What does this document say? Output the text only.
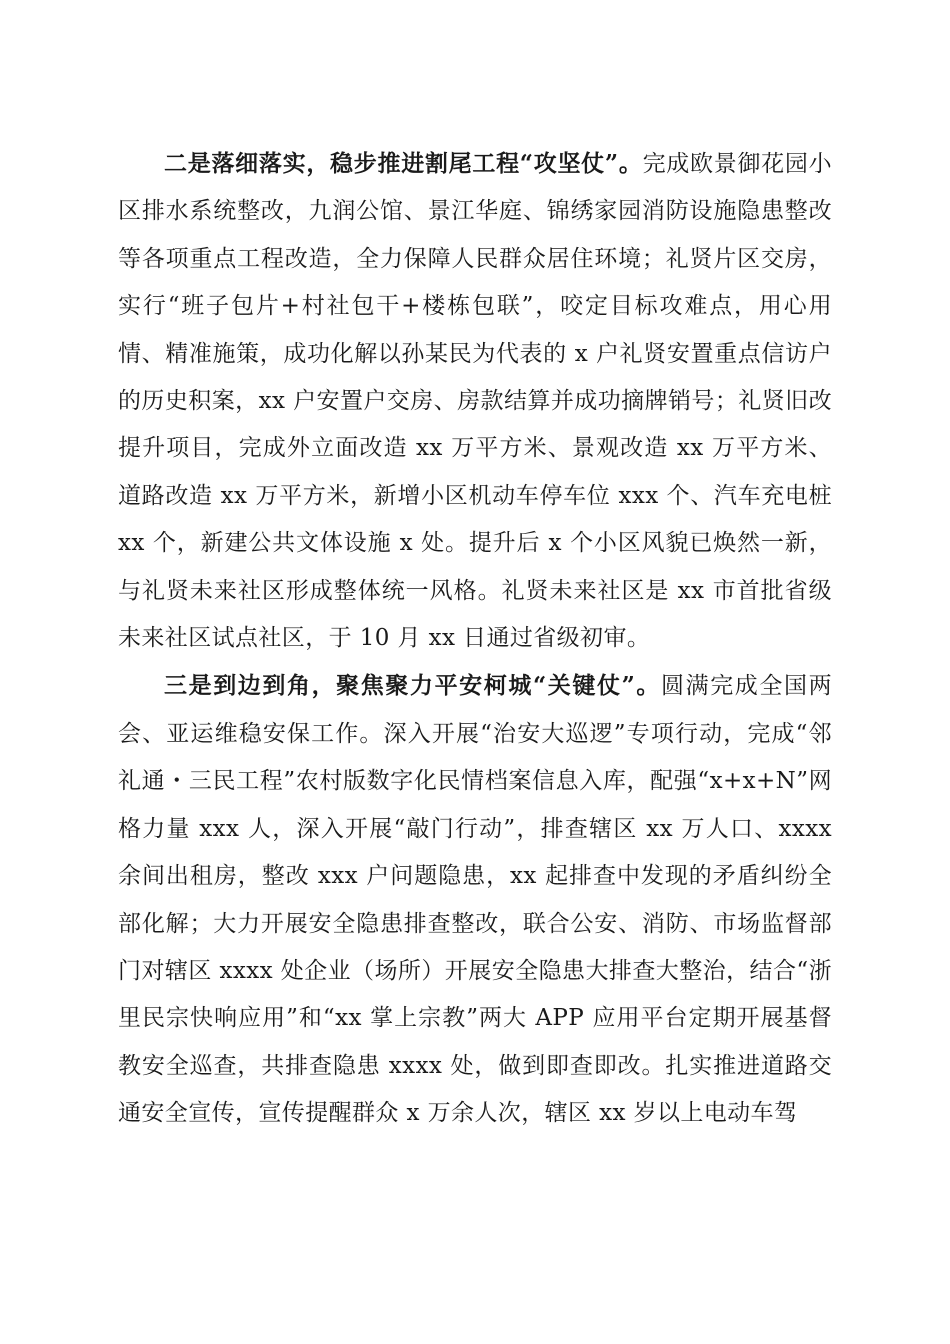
二是落细落实，稳步推进割尾工程“攻坚仗”。完成欧景御花园小区排水系统整改，九润公馆、景江华庭、锦绣家园消防设施隐患整改等各项重点工程改造，全力保障人民群众居住环境；礼贤片区交房，实行“班子包片+村社包干+楼栋包联”，咬定目标攻难点，用心用情、精准施策，成功化解以孙某民为代表的 x 户礼贤安置重点信访户的历史积案，xx 户安置户交房、房款结算并成功摘牌销号；礼贤旧改提升项目，完成外立面改造 xx 万平方米、景观改造 xx 万平方米、道路改造 xx 万平方米，新增小区机动车停车位 xxx 个、汽车充电桩 xx 个，新建公共文体设施 x 处。提升后 x 个小区风貌已焕然一新，与礼贤未来社区形成整体统一风格。礼贤未来社区是 xx 市首批省级未来社区试点社区，于 10 月 xx 日通过省级初审。

三是到边到角，聚焦聚力平安柯城“关键仗”。圆满完成全国两会、亚运维稳安保工作。深入开展“治安大巡逻”专项行动，完成“邻礼通・三民工程”农村版数字化民情档案信息入库，配强“x+x+N”网格力量 xxx 人，深入开展“敲门行动”，排查辖区 xx 万人口、xxxx 余间出租房，整改 xxx 户问题隐患，xx 起排查中发现的矛盾纠纷全部化解；大力开展安全隐患排查整改，联合公安、消防、市场监督部门对辖区 xxxx 处企业（场所）开展安全隐患大排查大整治，结合“浙里民宗快响应用”和“xx 掌上宗教”两大 APP 应用平台定期开展基督教安全巡查，共排查隐患 xxxx 处，做到即查即改。扎实推进道路交通安全宣传，宣传提醒群众 x 万余人次，辖区 xx 岁以上电动车驾
